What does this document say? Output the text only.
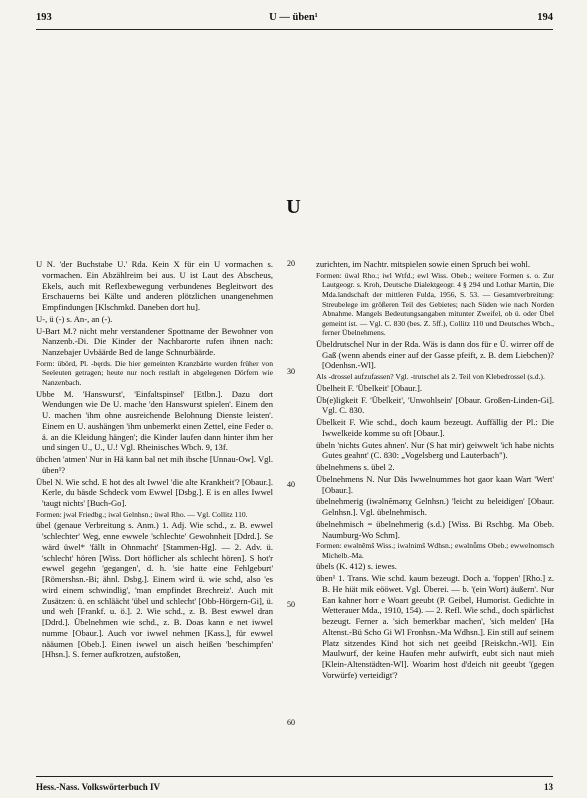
193	U — üben¹	194
U

U N. 'der Buchstabe U.' Rda. Kein X für ein U vormachen s. vormachen. Ein Abzählreim bei aus. U ist Laut des Abscheus, Ekels, auch mit Reflexbewegung verbundenes Begleitwort des Erschauerns bei Kälte und anderen plötzlichen unangenehmen Empfindungen [Klschmkd. Daneben dort hu].

U-, ü (-) s. An-, an (-).

U-Bart M.? nicht mehr verstandener Spottname der Bewohner von Nanzenb.-Di. Die Kinder der Nachbarorte rufen ihnen nach: Nanzebajer Uvbäärde Bed de lange Schnurbäärde.

Form: übörd, Pl. -bęrds. Die hier gemeinten Kranzbärte wurden früher von Seeleuten getragen; heute nur noch restlaft in abgelegenen Dörfern wie Nanzenbach.

Ubbe M. 'Hanswurst', 'Einfaltspinsel' [Etlbn.]. Dazu dort Wendungen wie De U. mache 'den Hanswurst spielen'. Einem den U. machen 'ihm ohne ausreichende Belohnung Dienste leisten'. Einem en U. aushängen 'ihm unbemerkt einen Zettel, eine Feder o. ä. an die Kleidung hängen'; die Kinder laufen dann hinter ihm her und singen U., U., U.! Vgl. Rheinisches Wbch. 9, 13f.

übchen 'atmen' Nur in Hä kann bal net mih ibsche [Unnau-Ow]. Vgl. üben¹?

Übel N. Wie schd. E hot des alt Iwwel 'die alte Krankheit'? [Obaur.]. Kerle, du bäsde Schdeck vom Ewwel [Dsbg.]. E is en alles Iwwel 'taugt nichts' [Buch-Go].

Formen: jwəl Friedbg.; iwəl Gelnhsn.; üwəl Rho. — Vgl. Collitz 110.

übel (genaue Verbreitung s. Anm.) 1. Adj. Wie schd., z. B. ewwel 'schlechter' Weg, enne ewwele 'schlechte' Gewohnheit [Ddrd.]. Se wärd üwel* 'fällt in Ohnmacht' [Stammen-Hg]. — 2. Adv. ü. 'schlecht' hören [Wiss. Dort höflicher als schlecht hören]. S hot'r ewwel gegehn 'gegangen', d. h. 'sie hatte eine Fehlgeburt' [Römershsn.-Bi; ähnl. Dsbg.]. Einem wird ü. wie schd, also 'es wird einem schwindlig', 'man empfindet Brechreiz'. Auch mit Zusätzen: ü. en schläächt 'übel und schlecht' [Obb-Hörgern-Gi], ü. und weh [Frankf. u. ö.]. 2. Wie schd., z. B. Best ewwel dran [Ddrd.]. Übelnehmen wie schd., z. B. Doas kann e net iwwel numme [Obaur.]. Auch vor iwwel nehmen [Kass.], für ewwel nääumen [Obeb.]. Einen iwwel un aisch heißen 'beschimpfen' [Hhsn.]. S. ferner aufkrotzen, aufstoßen,

20
30
40
50
60

zurichten, im Nachtr. mitspielen sowie einen Spruch bei wohl.

Formen: üwəl Rho.; iwl Wtfd.; ewl Wiss. Obeb.; weitere Formen s. o. Zur Lautgeogr. s. Kroh, Deutsche Dialektgeogr. 4 § 294 und Lothar Martin, Die Mda.landschaft der mittleren Fulda, 1956, S. 53. — Gesamtverbreitung: Streubelege im größeren Teil des Gebietes; nach Süden wie nach Norden Abnahme. Mangels Bedeutungsangaben mitunter Zweifel, ob ü. oder Übel gemeint ist. — Vgl. C. 830 (bes. Z. 5ff.), Collitz 110 und Deutsches Wbch., ferner Übelnehmens.

Übeldrutschel Nur in der Rda. Wäs is dann dos für e Ü. wirrer off de Gaß (wenn abends einer auf der Gasse pfeift, z. B. dem Liebchen)? [Odenhsn.-Wl].

Als -drossel aufzufassen? Vgl. -trutschel als 2. Teil von Klebedrossel (s.d.).

Übelheit F. 'Übelkeit' [Obaur.].

Üb(e)ligkeit F. 'Übelkeit', 'Unwohlsein' [Obaur. Großen-Linden-Gi]. Vgl. C. 830.

Übelkeit F. Wie schd., doch kaum bezeugt. Auffällig der Pl.: Die Iwwelkeide komme su oft [Obaur.].

übeln 'nichts Gutes ahnen'. Nur (S hat mir) geiwwelt 'ich habe nichts Gutes geahnt' (C. 830: „Vogelsberg und Lauterbach").

übelnehmens s. übel 2.

Übelnehmens N. Nur Däs Iwwelnummes hot gaor kaan Wart 'Wert' [Obaur.].

übelnehmerig (iwəlnēmərıχ Gelnhsn.) 'leicht zu beleidigen' [Obaur. Gelnhsn.]. Vgl. übelnehmisch.

übelnehmisch = übelnehmerig (s.d.) [Wiss. Bi Rschbg. Ma Obeb. Naumburg-Wo Schm].

Formen: ewəlnēmš Wiss.; iwəlnimš Wdhsn.; ewəlnǖms Obeb.; ewwelnomsch Michelb.-Ma.

übels (K. 412) s. iewes.

üben¹ 1. Trans. Wie schd. kaum bezeugt. Doch a. 'foppen' [Rho.] z. B. He hiät mik eööwet. Vgl. Überei. — b. '(ein Wort) äußern'. Nur Ean kahner horr e Woart geeubt (P. Geibel, Humorist. Gedichte in Wetterauer Mda., 1910, 154). — 2. Refl. Wie schd., doch spärlichst bezeugt. Ferner a. 'sich bemerkbar machen', 'sich melden' [Ha Altenst.-Bü Scho Gi Wl Fronhsn.-Ma Wdhsn.]. Ein still auf seinem Platz sitzendes Kind hot sich net geeibd [Reiskchn.-Wl]. Ein Maulwurf, der keine Haufen mehr aufwirft, eubt sich naut mieh [Klein-Altenstädten-Wl]. Woarim host d'deich nit geeubt '(gegen Vorwürfe) verteidigt'?

Hess.-Nass. Volkswörterbuch IV	13
